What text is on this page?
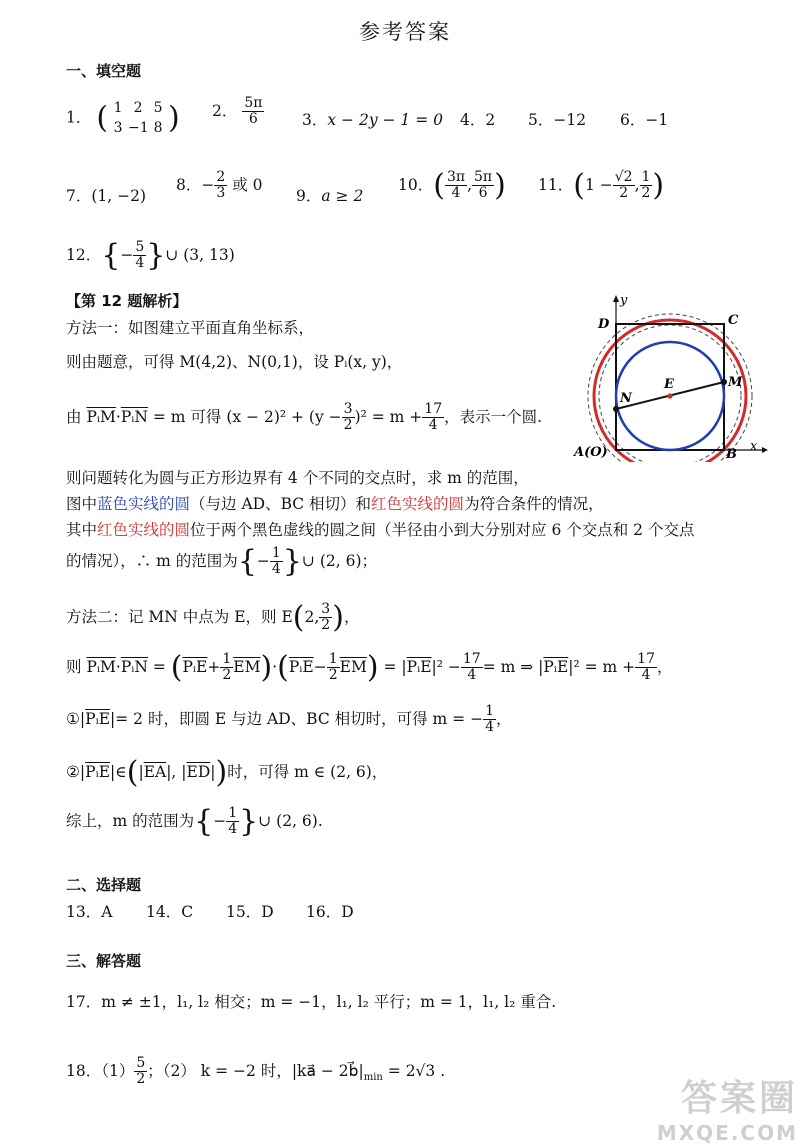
参考答案
一、填空题
1． ( 1 2 5
3 −1 8 ) 2． $\frac{5\pi}{6} 3$．x − 2y − 1 = 0 4．2 5．−12 6．−1
7．(1, −2)
8．− $\frac{2}{3}$ 或 0
9．a ≥ 2
10．( $\frac{3\pi}{4}$ , $\frac{5\pi}{6}$ ) 11．($1 - \frac{√2}{2}$ , $\frac{1}{2}$ )
12．{− $\frac{5}{4}$ }∪ (3, 13)
【第 12 题解析】
方法一：如图建立平面直角坐标系，
则由题意，可得 M(4,2)、N(0,1)，设 Pᵢ(x, y)，
由 $\overline{PᵢM}\cdot\overline{PᵢN} = m$ 可得 $(x - 2)^2 + (y - \frac{3}{2} )^2 = m + \frac{17}{4}$ ，表示一个圆.
则问题转化为圆与正方形边界有 4 个不同的交点时，求 m 的范围，
图中蓝色实线的圆（与边 AD、BC 相切）和红色实线的圆为符合条件的情况，
其中红色实线的圆位于两个黑色虚线的圆之间（半径由小到大分别对应 6 个交点和 2 个交点
的情况），∴ m 的范围为{− $\frac{1}{4}$ }∪ (2, 6)；
方法二：记 MN 中点为 E，则 E(2, $\frac{3}{2}$ )，
则 $\overline{PᵢM}\cdot\overline{PᵢN} = (\overline{PᵢE}+ \frac{1}{2} \overline{EM})\cdot(\overline{PᵢE}- \frac{1}{2} \overline{EM}) = |\overline{PᵢE}|^2 - \frac{17}{4} = m$ ⇒ $|\overline{PᵢE}|^2 = m + \frac{17}{4}$ ，
$①|\overline{PᵢE}|= 2$ 时，即圆 E 与边 AD、BC 相切时，可得 m = − $\frac{1}{4}$ ，
$②|\overline{PᵢE}|\in(|\overline{EA}|$, $|\overline{ED}|$)时，可得 m ∈ (2, 6)，
综上，m 的范围为{− $\frac{1}{4}$ }∪ (2, 6).
y
x
D	C
E
N
M
A(O)	B
二、选择题
13．A 14．C 15．D 16．D
三、解答题
17．m ≠ ±1，l₁, l₂ 相交；m = −1，l₁, l₂ 平行；m = 1，l₁, l₂ 重合.
18．$(1) \frac{5}{2}$ ；（2） k = −2 时，|ka⃗ − $2b⃗|_{min} = 2√3$ .
答案圈
MXQE.COM
